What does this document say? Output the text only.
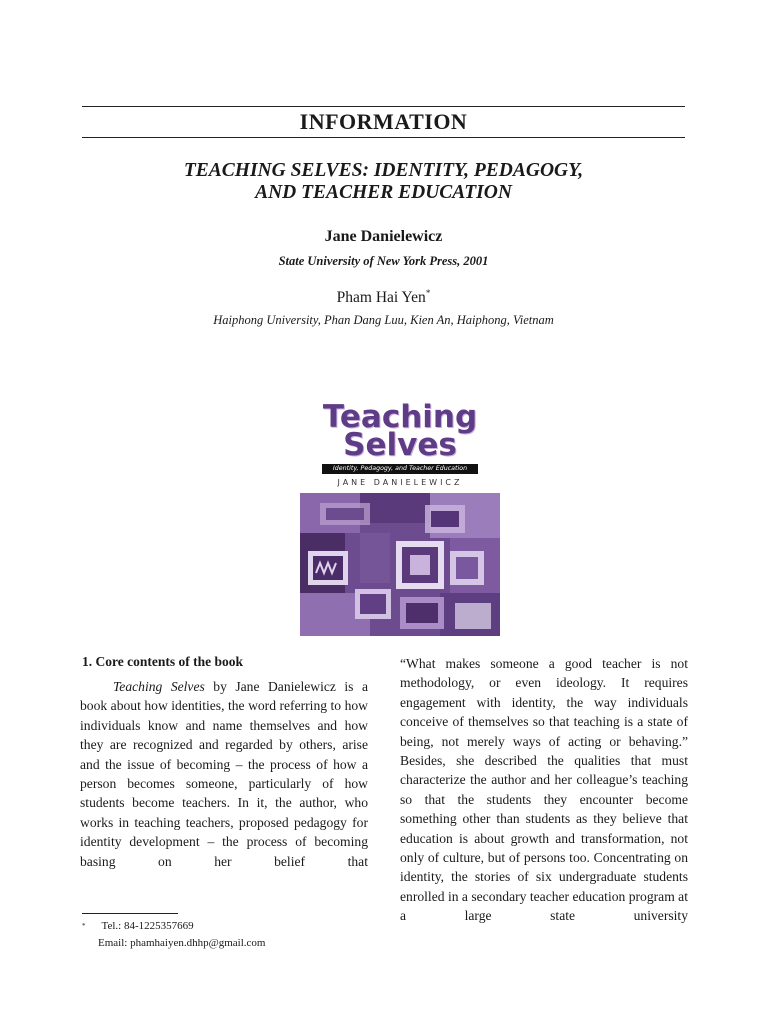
INFORMATION
TEACHING SELVES: IDENTITY, PEDAGOGY,
AND TEACHER EDUCATION
Jane Danielewicz
State University of New York Press, 2001
Pham Hai Yen*
Haiphong University, Phan Dang Luu, Kien An, Haiphong, Vietnam
Teaching
Selves
Identity, Pedagogy, and Teacher Education
JANE DANIELEWICZ
1. Core contents of the book

Teaching Selves by Jane Danielewicz is a book about how identities, the word referring to how individuals know and name themselves and how they are recognized and regarded by others, arise and the issue of becoming – the process of how a person becomes someone, particularly of how students become teachers. In it, the author, who works in teaching teachers, proposed pedagogy for identity development – the process of becoming basing on her belief that

“What makes someone a good teacher is not methodology, or even ideology. It requires engagement with identity, the way individuals conceive of themselves so that teaching is a state of being, not merely ways of acting or behaving.” Besides, she described the qualities that must characterize the author and her colleague’s teaching so that the students they encounter become something other than students as they believe that education is about growth and transformation, not only of culture, but of persons too. Concentrating on identity, the stories of six undergraduate students enrolled in a secondary teacher education program at a large state university

* Tel.: 84-1225357669
Email: phamhaiyen.dhhp@gmail.com
